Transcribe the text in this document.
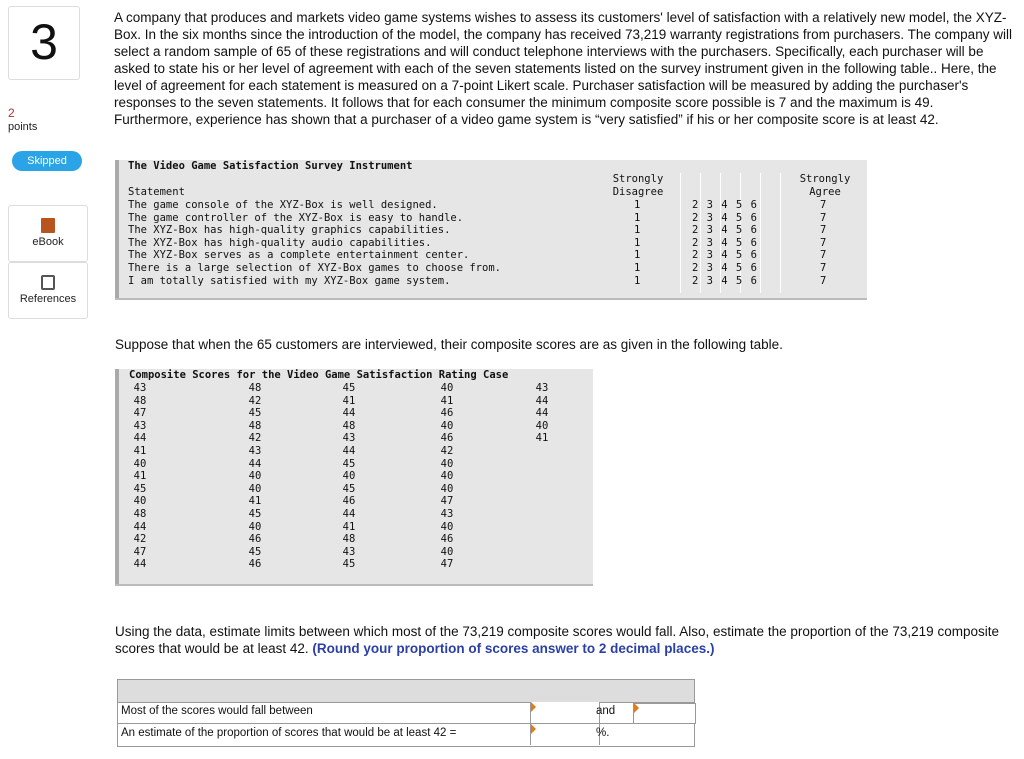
3
2
points
Skipped
eBook
References
A company that produces and markets video game systems wishes to assess its customers' level of satisfaction with a relatively new model, the XYZ-Box. In the six months since the introduction of the model, the company has received 73,219 warranty registrations from purchasers. The company will select a random sample of 65 of these registrations and will conduct telephone interviews with the purchasers. Specifically, each purchaser will be asked to state his or her level of agreement with each of the seven statements listed on the survey instrument given in the following table.. Here, the level of agreement for each statement is measured on a 7-point Likert scale. Purchaser satisfaction will be measured by adding the purchaser's responses to the seven statements. It follows that for each consumer the minimum composite score possible is 7 and the maximum is 49. Furthermore, experience has shown that a purchaser of a video game system is “very satisfied” if his or her composite score is at least 42.
The Video Game Satisfaction Survey Instrument
Statement
Strongly
Disagree
Strongly
Agree
The game console of the XYZ-Box is well designed.	1	2 3 4 5 6	7
The game controller of the XYZ-Box is easy to handle.	1	2 3 4 5 6	7
The XYZ-Box has high-quality graphics capabilities.	1	2 3 4 5 6	7
The XYZ-Box has high-quality audio capabilities.	1	2 3 4 5 6	7
The XYZ-Box serves as a complete entertainment center.	1	2 3 4 5 6	7
There is a large selection of XYZ-Box games to choose from.	1	2 3 4 5 6	7
I am totally satisfied with my XYZ-Box game system.	1	2 3 4 5 6	7
Suppose that when the 65 customers are interviewed, their composite scores are as given in the following table.
Composite Scores for the Video Game Satisfaction Rating Case
43	48	45	40	43
48	42	41	41	44
47	45	44	46	44
43	48	48	40	40
44	42	43	46	41
41	43	44	42
40	44	45	40
41	40	40	40
45	40	45	40
40	41	46	47
48	45	44	43
44	40	41	40
42	46	48	46
47	45	43	40
44	46	45	47
Using the data, estimate limits between which most of the 73,219 composite scores would fall. Also, estimate the proportion of the 73,219 composite scores that would be at least 42. (Round your proportion of scores answer to 2 decimal places.)
Most of the scores would fall between	and
An estimate of the proportion of scores that would be at least 42 =	%.
